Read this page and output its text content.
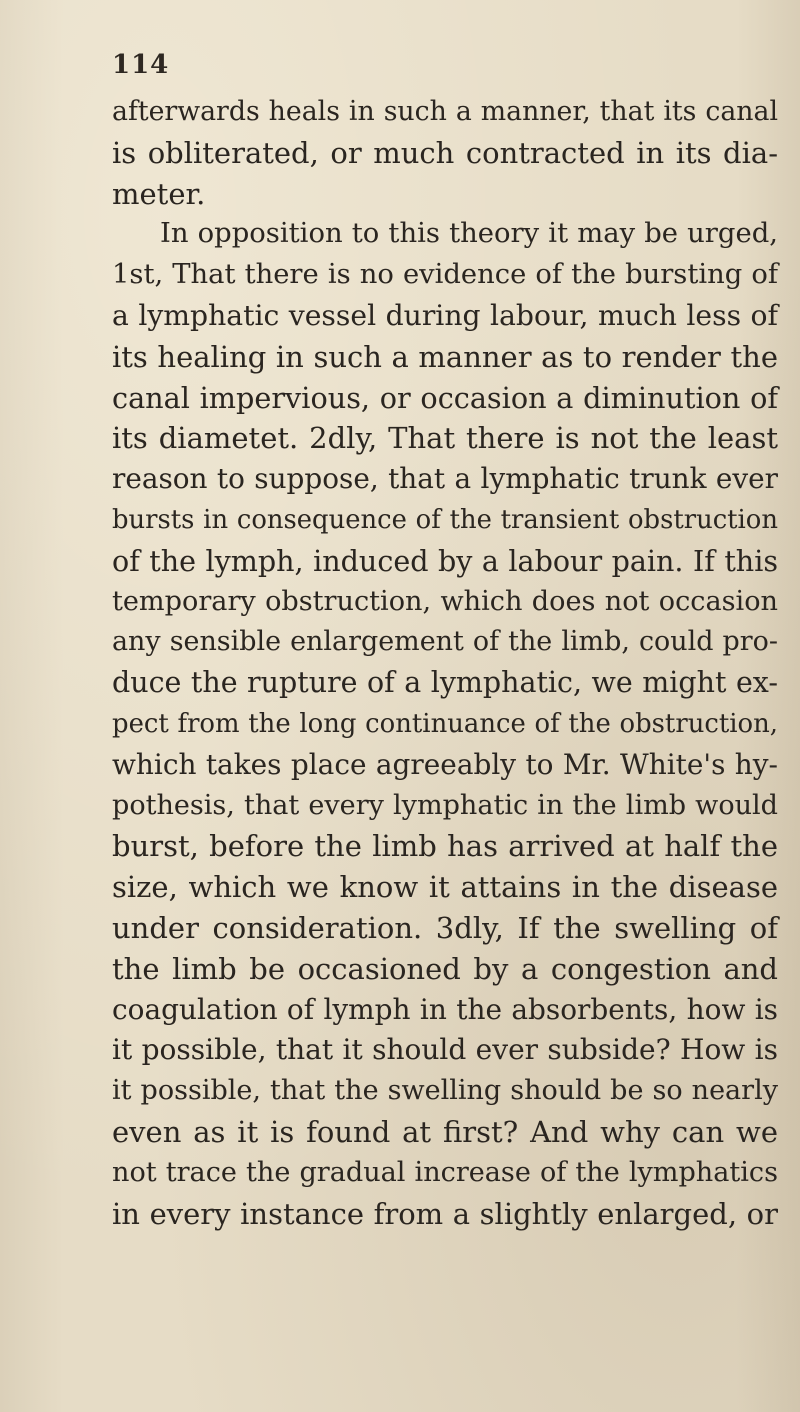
114
afterwards heals in such a manner, that its canal
is obliterated, or much contracted in its dia-
meter.
In opposition to this theory it may be urged,
1st, That there is no evidence of the bursting of
a lymphatic vessel during labour, much less of
its healing in such a manner as to render the
canal impervious, or occasion a diminution of
its diametet. 2dly, That there is not the least
reason to suppose, that a lymphatic trunk ever
bursts in consequence of the transient obstruction
of the lymph, induced by a labour pain. If this
temporary obstruction, which does not occasion
any sensible enlargement of the limb, could pro-
duce the rupture of a lymphatic, we might ex-
pect from the long continuance of the obstruction,
which takes place agreeably to Mr. White's hy-
pothesis, that every lymphatic in the limb would
burst, before the limb has arrived at half the
size, which we know it attains in the disease
under consideration. 3dly, If the swelling of
the limb be occasioned by a congestion and
coagulation of lymph in the absorbents, how is
it possible, that it should ever subside? How is
it possible, that the swelling should be so nearly
even as it is found at first? And why can we
not trace the gradual increase of the lymphatics
in every instance from a slightly enlarged, or
